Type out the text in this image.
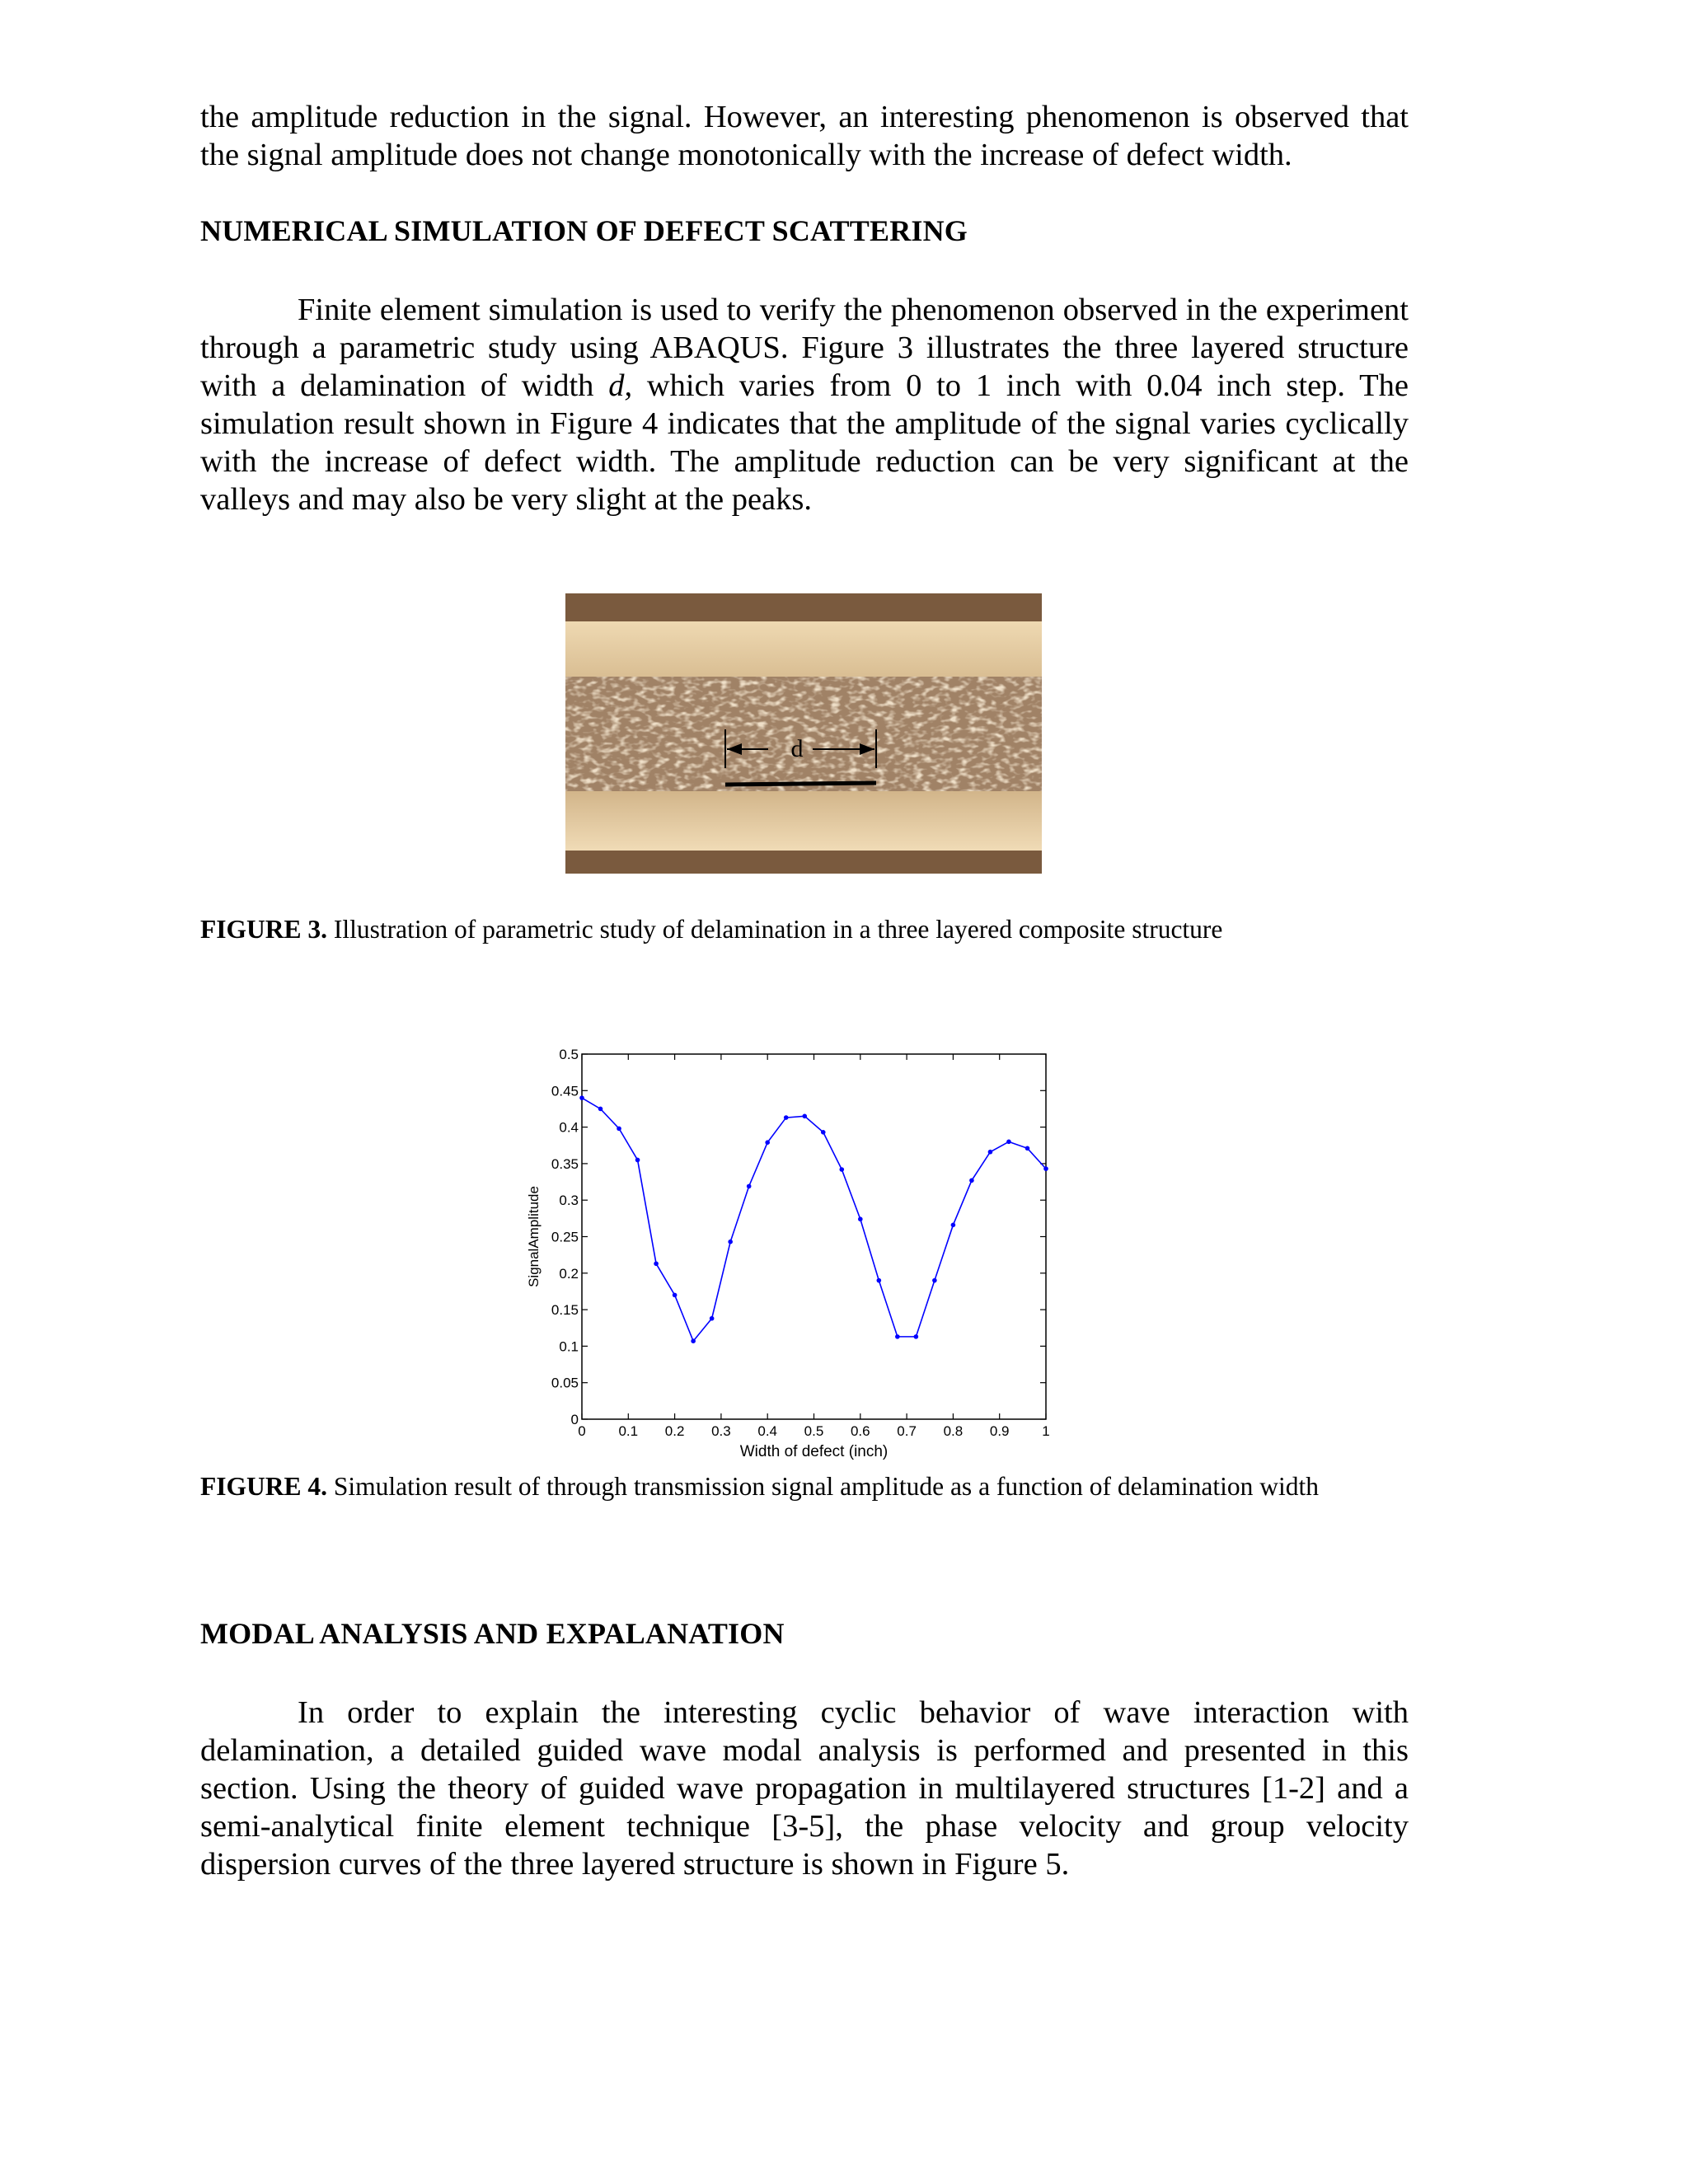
the amplitude reduction in the signal. However, an interesting phenomenon is observed that the signal amplitude does not change monotonically with the increase of defect width.

NUMERICAL SIMULATION OF DEFECT SCATTERING

Finite element simulation is used to verify the phenomenon observed in the experiment through a parametric study using ABAQUS. Figure 3 illustrates the three layered structure with a delamination of width d, which varies from 0 to 1 inch with 0.04 inch step. The simulation result shown in Figure 4 indicates that the amplitude of the signal varies cyclically with the increase of defect width. The amplitude reduction can be very significant at the valleys and may also be very slight at the peaks.

d

FIGURE 3. Illustration of parametric study of delamination in a three layered composite structure

0 0.1 0.2 0.3 0.4 0.5 0.6 0.7 0.8 0.9 1
0
0.05
0.1
0.15
0.2
0.25
0.3
0.35
0.4
0.45
0.5
Width of defect (inch)
SignalAmplitude

FIGURE 4. Simulation result of through transmission signal amplitude as a function of delamination width

MODAL ANALYSIS AND EXPALANATION

In order to explain the interesting cyclic behavior of wave interaction with delamination, a detailed guided wave modal analysis is performed and presented in this section. Using the theory of guided wave propagation in multilayered structures [1-2] and a semi-analytical finite element technique [3-5], the phase velocity and group velocity dispersion curves of the three layered structure is shown in Figure 5.
